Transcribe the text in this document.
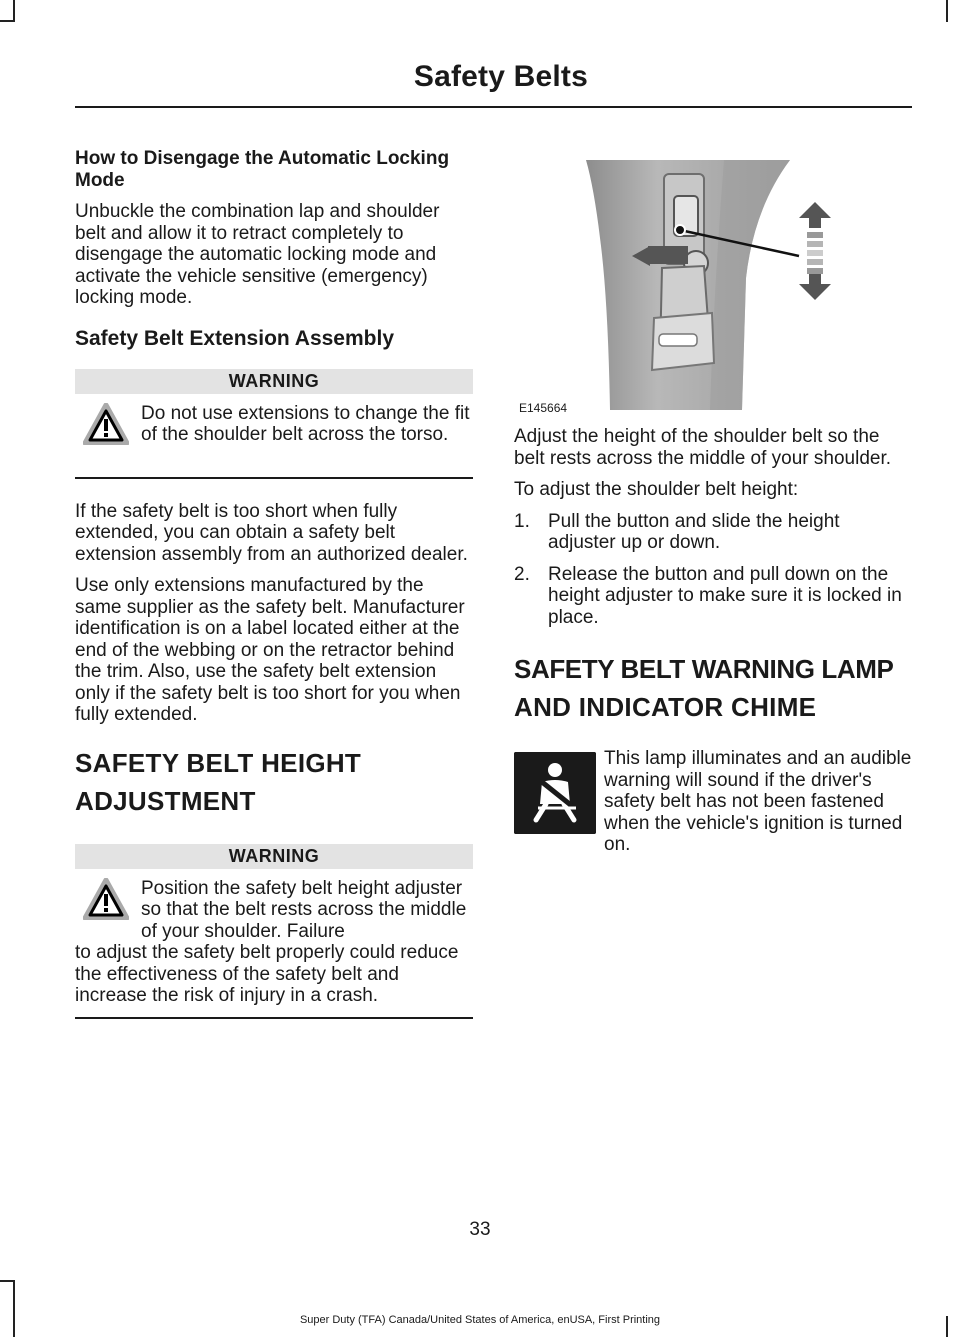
Safety Belts
How to Disengage the Automatic Locking Mode

Unbuckle the combination lap and shoulder belt and allow it to retract completely to disengage the automatic locking mode and activate the vehicle sensitive (emergency) locking mode.

Safety Belt Extension Assembly
WARNING

Do not use extensions to change the fit of the shoulder belt across the torso.

If the safety belt is too short when fully extended, you can obtain a safety belt extension assembly from an authorized dealer.

Use only extensions manufactured by the same supplier as the safety belt. Manufacturer identification is on a label located either at the end of the webbing or on the retractor behind the trim. Also, use the safety belt extension only if the safety belt is too short for you when fully extended.

SAFETY BELT HEIGHT
ADJUSTMENT
WARNING

Position the safety belt height adjuster so that the belt rests across the middle of your shoulder. Failure

to adjust the safety belt properly could reduce the effectiveness of the safety belt and increase the risk of injury in a crash.

E145664

Adjust the height of the shoulder belt so the belt rests across the middle of your shoulder.

To adjust the shoulder belt height:

1. Pull the button and slide the height adjuster up or down.
2. Release the button and pull down on the height adjuster to make sure it is locked in place.
SAFETY BELT WARNING LAMP
AND INDICATOR CHIME

This lamp illuminates and an audible warning will sound if the driver's safety belt has not been fastened when the vehicle's ignition is turned on.

33
Super Duty (TFA) Canada/United States of America, enUSA, First Printing
